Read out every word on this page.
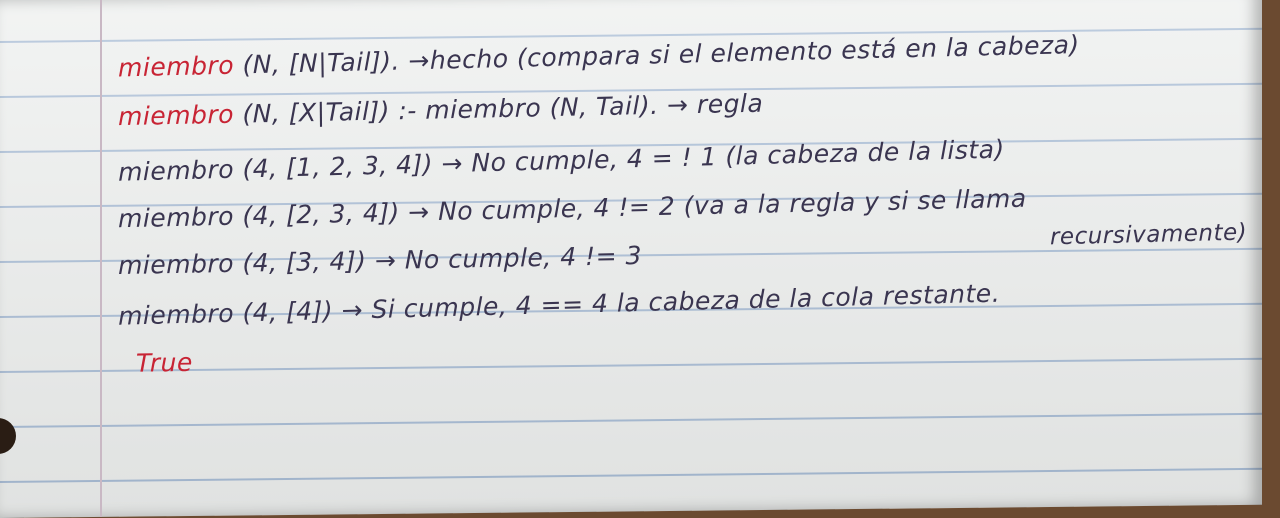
miembro (N, [N|Tail]). →hecho (compara si el elemento está en la cabeza)
miembro (N, [X|Tail]) :- miembro (N, Tail). → regla
miembro (4, [1, 2, 3, 4]) → No cumple, 4 = ! 1 (la cabeza de la lista)
miembro (4, [2, 3, 4]) → No cumple, 4 != 2 (va a la regla y si se llama
miembro (4, [3, 4]) → No cumple, 4 != 3
recursivamente)
miembro (4, [4]) → Si cumple, 4 == 4 la cabeza de la cola restante.
True
